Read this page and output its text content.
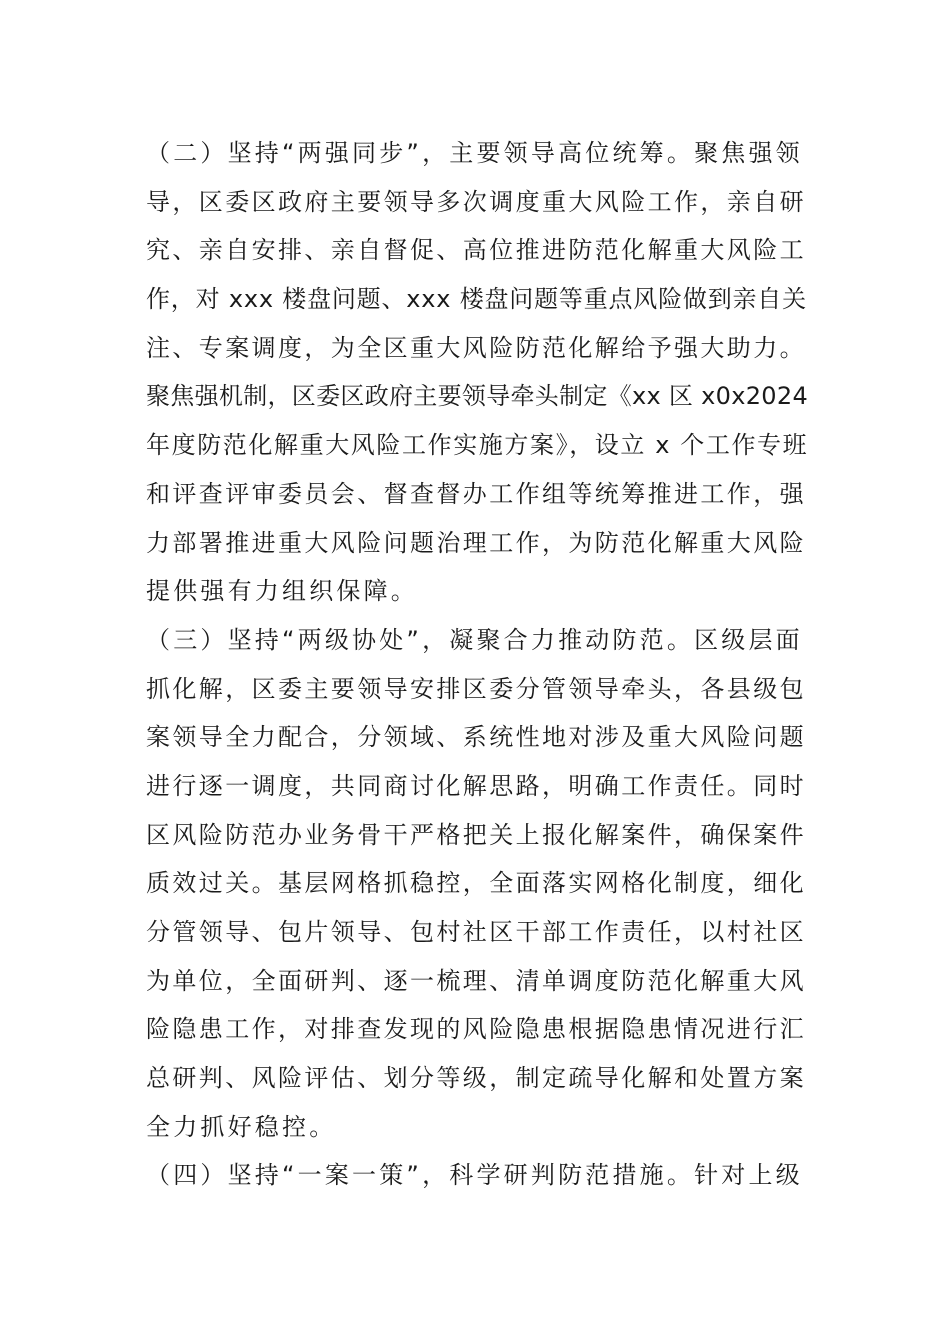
（二）坚持“两强同步”，主要领导高位统筹。聚焦强领
导，区委区政府主要领导多次调度重大风险工作，亲自研
究、亲自安排、亲自督促、高位推进防范化解重大风险工
作，对 xxx 楼盘问题、xxx 楼盘问题等重点风险做到亲自关
注、专案调度，为全区重大风险防范化解给予强大助力。
聚焦强机制，区委区政府主要领导牵头制定《xx 区 x0x2024
年度防范化解重大风险工作实施方案》，设立 x 个工作专班
和评查评审委员会、督查督办工作组等统筹推进工作，强
力部署推进重大风险问题治理工作，为防范化解重大风险
提供强有力组织保障。
（三）坚持“两级协处”，凝聚合力推动防范。区级层面
抓化解，区委主要领导安排区委分管领导牵头，各县级包
案领导全力配合，分领域、系统性地对涉及重大风险问题
进行逐一调度，共同商讨化解思路，明确工作责任。同时
区风险防范办业务骨干严格把关上报化解案件，确保案件
质效过关。基层网格抓稳控，全面落实网格化制度，细化
分管领导、包片领导、包村社区干部工作责任，以村社区
为单位，全面研判、逐一梳理、清单调度防范化解重大风
险隐患工作，对排查发现的风险隐患根据隐患情况进行汇
总研判、风险评估、划分等级，制定疏导化解和处置方案
全力抓好稳控。
（四）坚持“一案一策”，科学研判防范措施。针对上级
